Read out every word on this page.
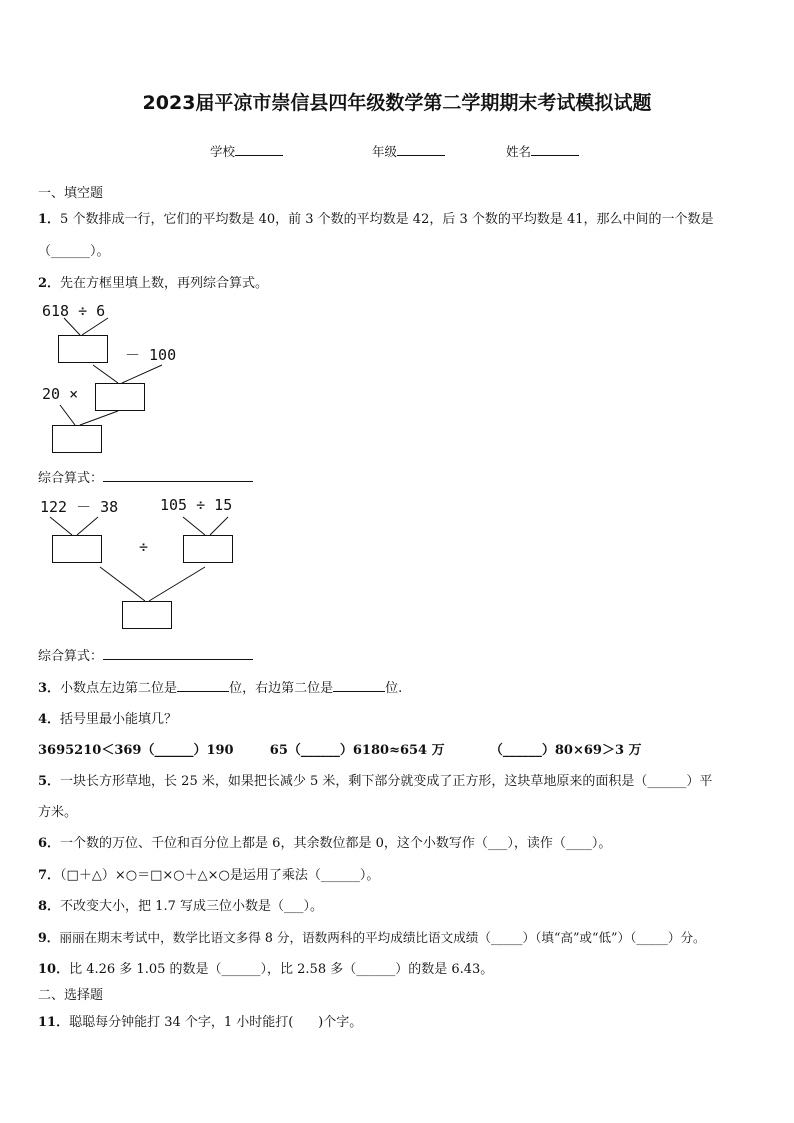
2023届平凉市崇信县四年级数学第二学期期末考试模拟试题
学校	年级	姓名
一、填空题
1．5 个数排成一行，它们的平均数是 40，前 3 个数的平均数是 42，后 3 个数的平均数是 41，那么中间的一个数是
（______）。
2．先在方框里填上数，再列综合算式。
618 ÷ 6
－ 100
20 ×
综合算式：
122 － 38	105 ÷ 15
÷
综合算式：
3．小数点左边第二位是	位，右边第二位是	位.
4．括号里最小能填几？
3695210＜369（______）190        65（______）6180≈654 万          （______）80×69＞3 万
5．一块长方形草地，长 25 米，如果把长减少 5 米，剩下部分就变成了正方形，这块草地原来的面积是（______）平
方米。
6．一个数的万位、千位和百分位上都是 6，其余数位都是 0，这个小数写作（___），读作（____）。
7．（□＋△）×○＝□×○＋△×○是运用了乘法（______）。
8．不改变大小，把 1.7 写成三位小数是（___）。
9．丽丽在期末考试中，数学比语文多得 8 分，语数两科的平均成绩比语文成绩（_____）（填“高”或“低”）（_____）分。
10．比 4.26 多 1.05 的数是（______），比 2.58 多（______）的数是 6.43。
二、选择题
11．聪聪每分钟能打 34 个字，1 小时能打(      )个字。
